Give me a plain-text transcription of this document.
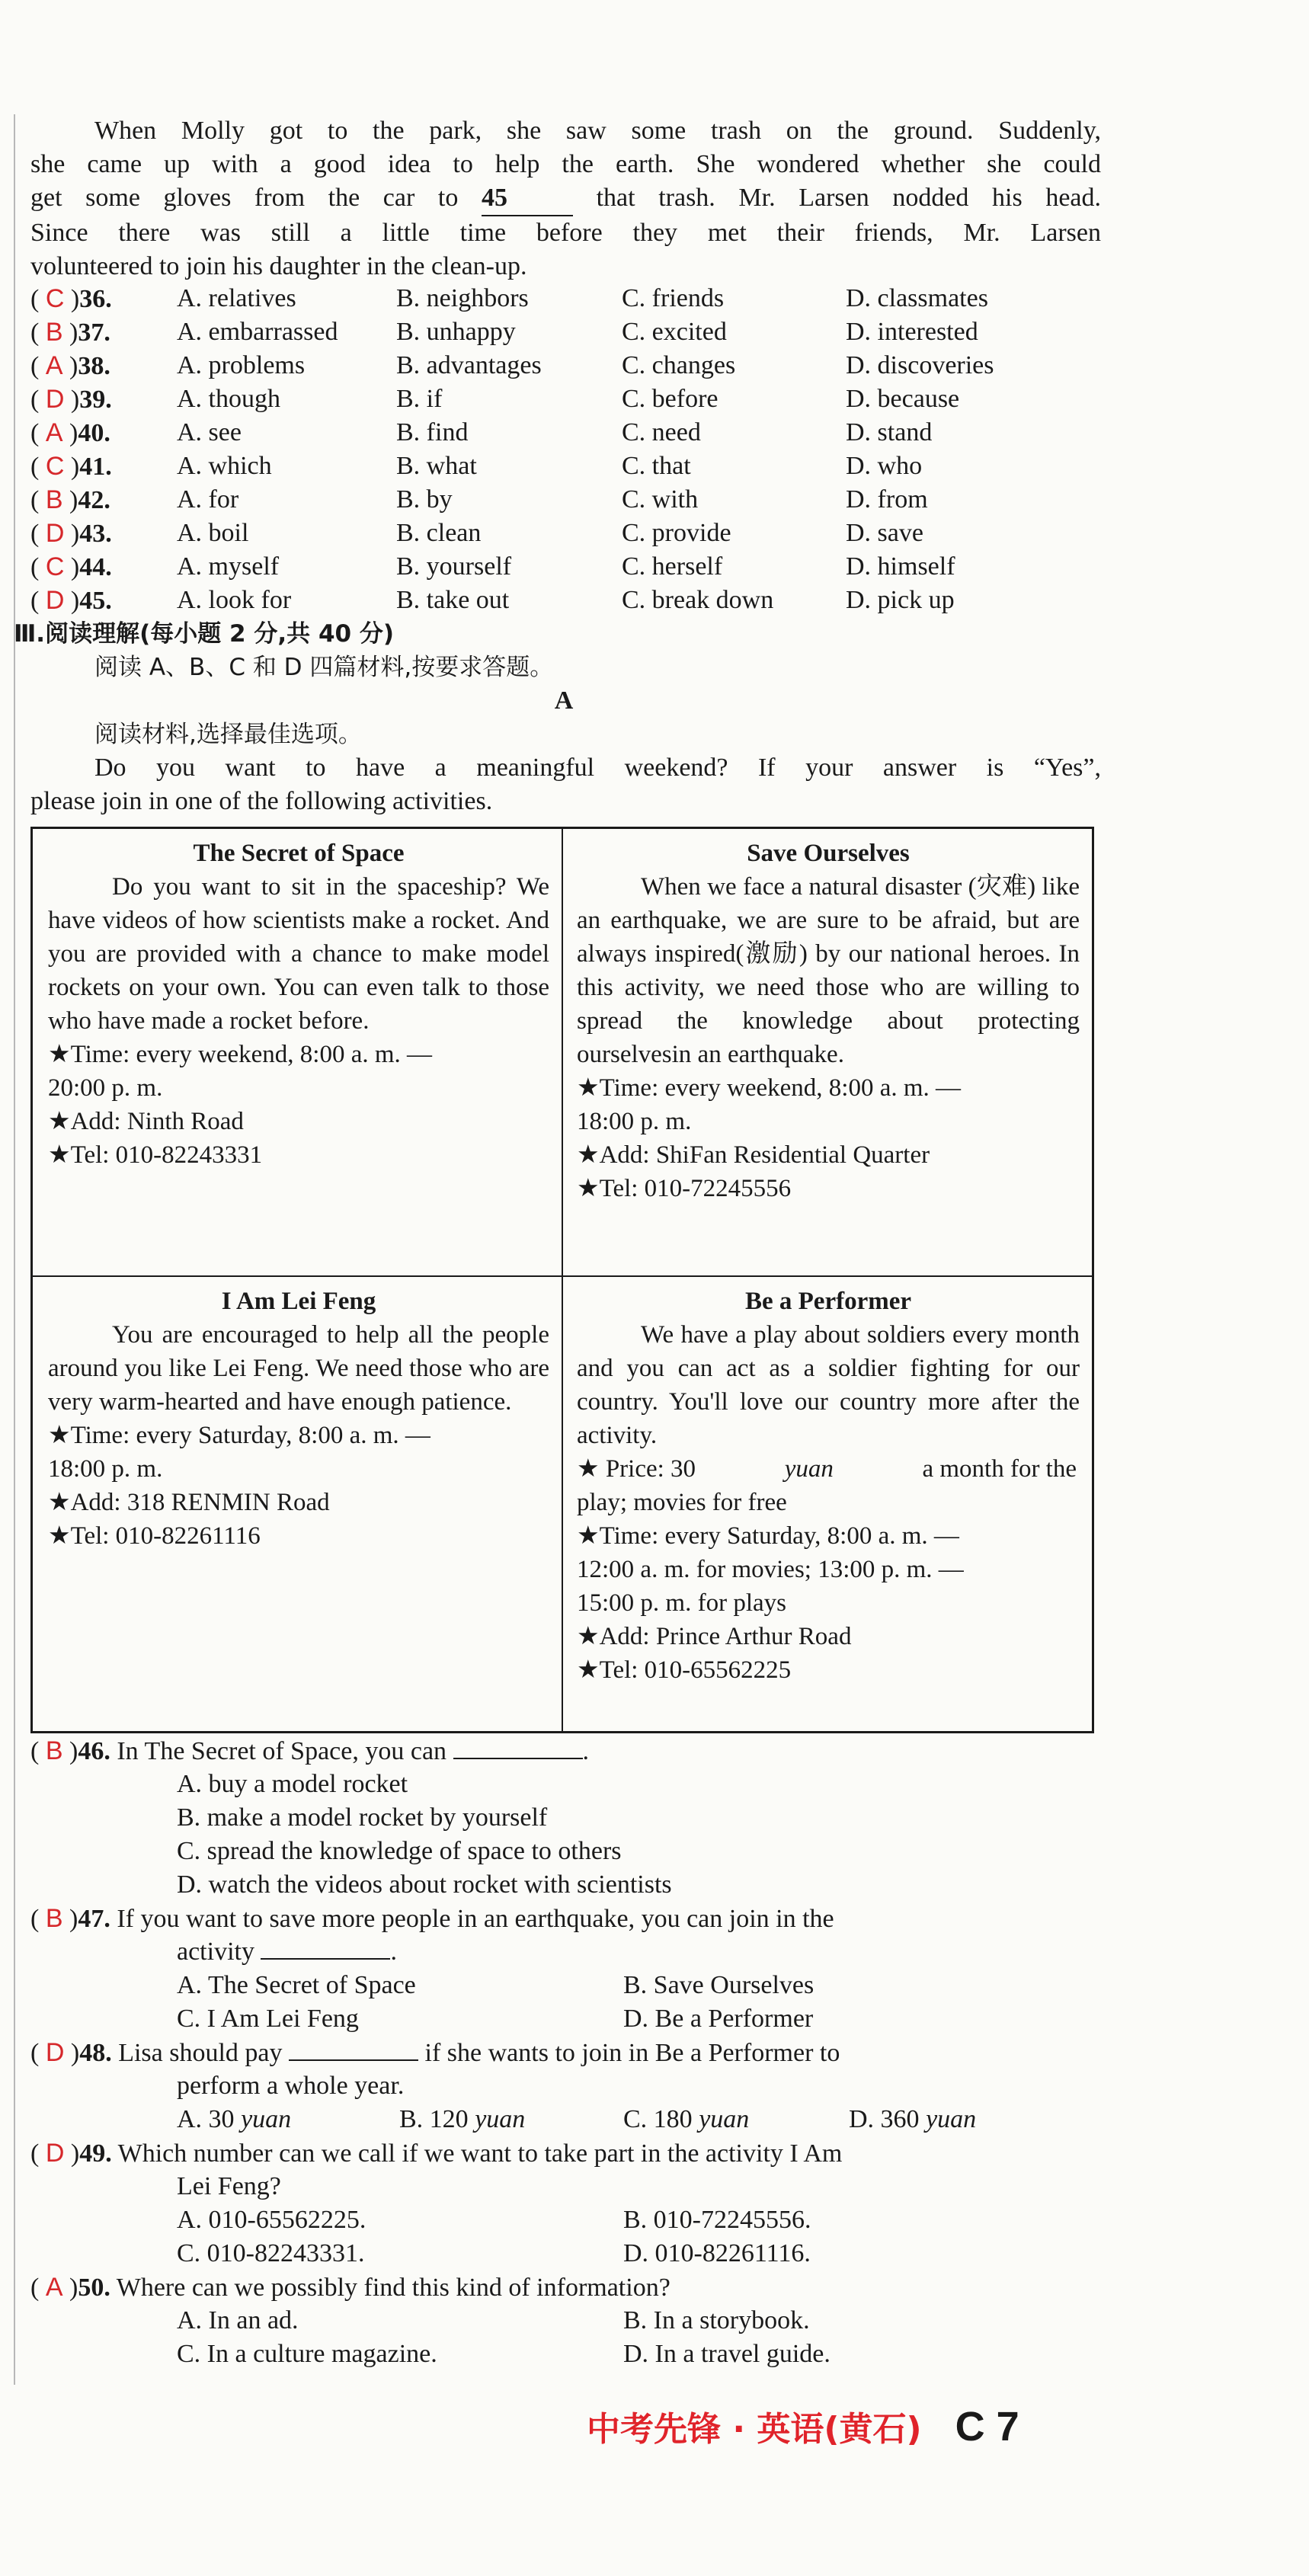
When Molly got to the park, she saw some trash on the ground. Suddenly,
she came up with a good idea to help the earth. She wondered whether she could
get some gloves from the car to 45	that trash. Mr. Larsen nodded his head.
Since there was still a little time before they met their friends, Mr. Larsen
volunteered to join his daughter in the clean-up.
( C )36.	A. relatives	B. neighbors	C. friends	D. classmates
( B )37.	A. embarrassed B. unhappy	C. excited	D. interested
( A )38.	A. problems	B. advantages	C. changes	D. discoveries
( D )39.	A. though	B. if	C. before	D. because
( A )40.	A. see	B. find	C. need	D. stand
( C )41.	A. which	B. what	C. that	D. who
( B )42.	A. for	B. by	C. with	D. from
( D )43.	A. boil	B. clean	C. provide	D. save
( C )44.	A. myself	B. yourself	C. herself	D. himself
( D )45.	A. look for	B. take out	C. break down	D. pick up
Ⅲ.阅读理解(每小题 2 分,共 40 分)
阅读 A、B、C 和 D 四篇材料,按要求答题。
A
阅读材料,选择最佳选项。
Do you want to have a meaningful weekend? If your answer is “Yes”,
please join in one of the following activities.
The Secret of Space
Do you want to sit in the spaceship? We have videos of how scientists make a rocket. And you are provided with a chance to make model rockets on your own. You can even talk to those who have made a rocket before.
★Time: every weekend, 8:00 a. m. —
20:00 p. m.
★Add: Ninth Road
★Tel: 010-82243331
Save Ourselves
When we face a natural disaster (灾难) like an earthquake, we are sure to be afraid, but are always inspired(激励) by our national heroes. In this activity, we need those who are willing to spread the knowledge about protecting ourselvesin an earthquake.
★Time: every weekend, 8:00 a. m. —
18:00 p. m.
★Add: ShiFan Residential Quarter
★Tel: 010-72245556
I Am Lei Feng
You are encouraged to help all the people around you like Lei Feng. We need those who are very warm-hearted and have enough patience.
★Time: every Saturday, 8:00 a. m. —
18:00 p. m.
★Add: 318 RENMIN Road
★Tel: 010-82261116
Be a Performer
We have a play about soldiers every month and you can act as a soldier fighting for our country. You'll love our country more after the activity.
★ Price: 30	yuan	a month for the
play; movies for free
★Time: every Saturday, 8:00 a. m. —
12:00 a. m. for movies; 13:00 p. m. —
15:00 p. m. for plays
★Add: Prince Arthur Road
★Tel: 010-65562225
( B )46. In The Secret of Space, you can	.
A. buy a model rocket
B. make a model rocket by yourself
C. spread the knowledge of space to others
D. watch the videos about rocket with scientists
( B )47. If you want to save more people in an earthquake, you can join in the
activity	.
A. The Secret of Space	B. Save Ourselves
C. I Am Lei Feng	D. Be a Performer
( D )48. Lisa should pay	if she wants to join in Be a Performer to
perform a whole year.
A. 30 yuan	B. 120 yuan	C. 180 yuan	D. 360 yuan
( D )49. Which number can we call if we want to take part in the activity I Am
Lei Feng?
A. 010-65562225.	B. 010-72245556.
C. 010-82243331.	D. 010-82261116.
( A )50. Where can we possibly find this kind of information?
A. In an ad.	B. In a storybook.
C. In a culture magazine.	D. In a travel guide.
中考先锋 · 英语(黄石) C 7
